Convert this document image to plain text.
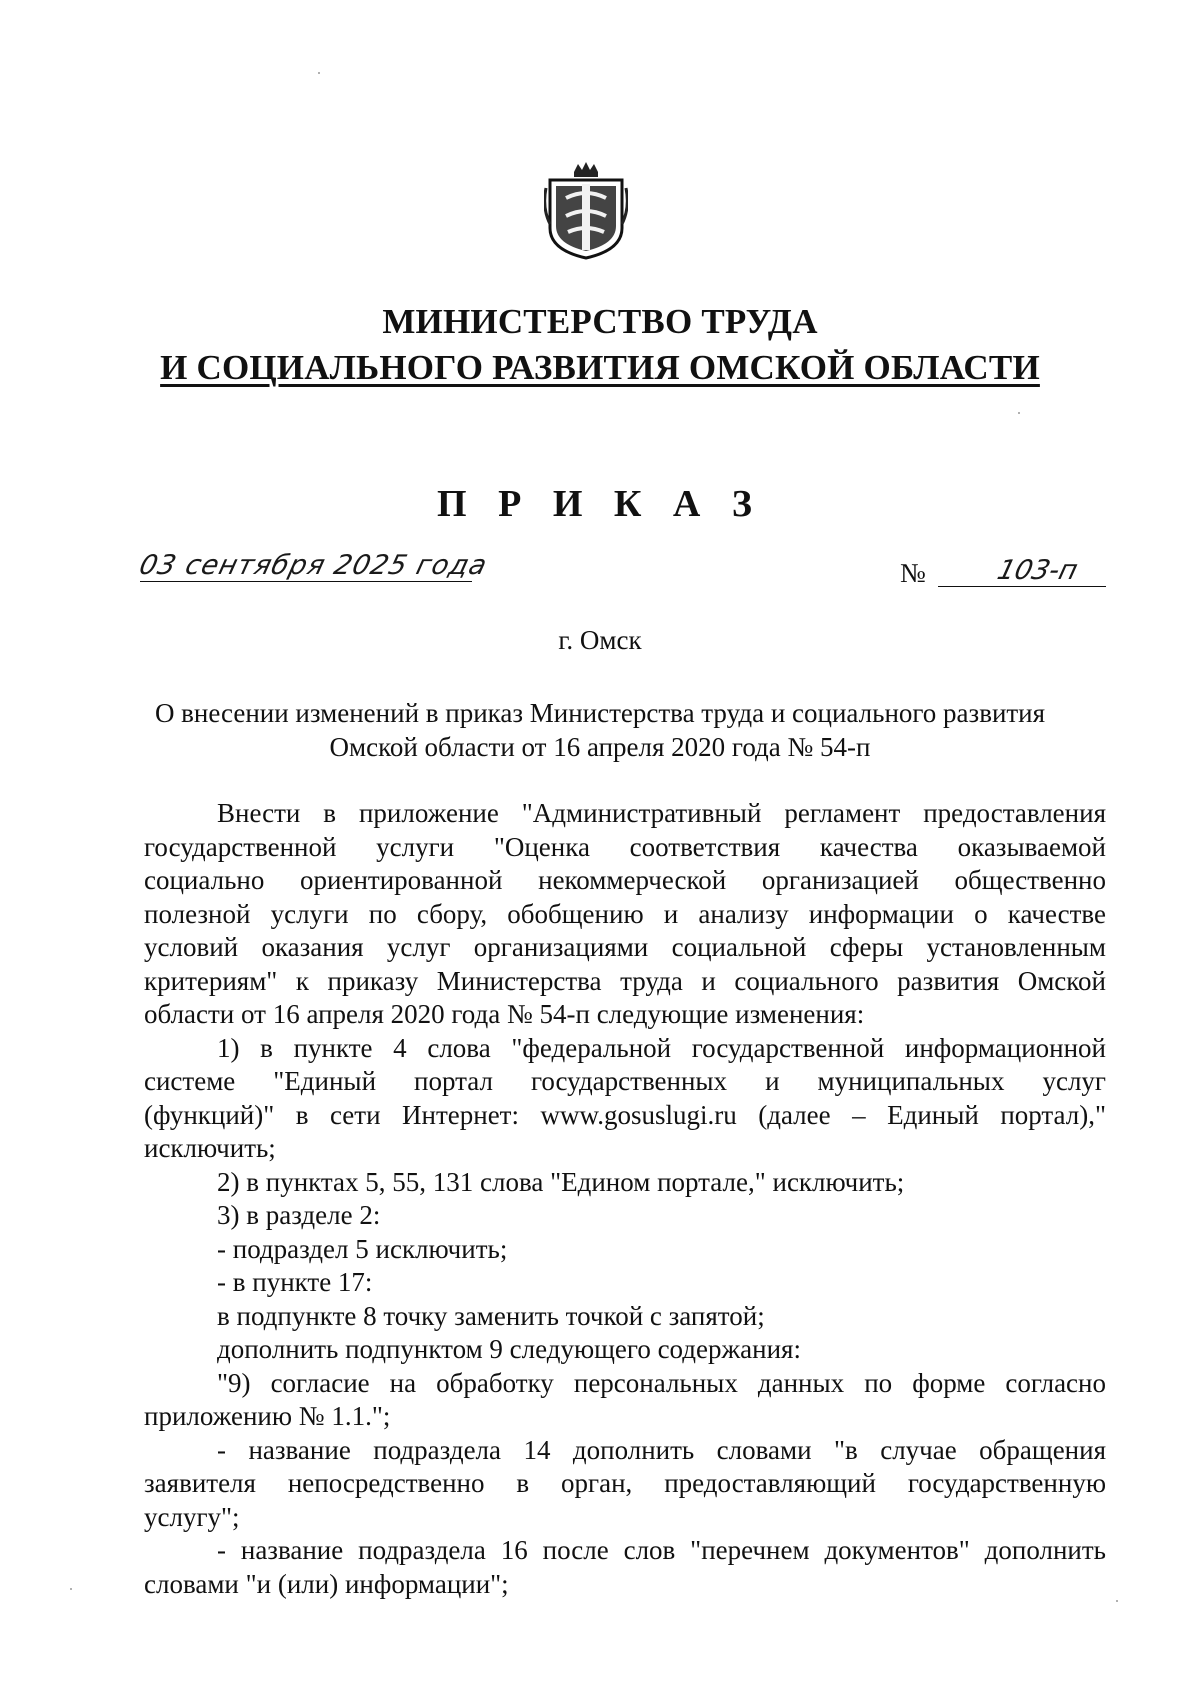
МИНИСТЕРСТВО ТРУДА
И СОЦИАЛЬНОГО РАЗВИТИЯ ОМСКОЙ ОБЛАСТИ
П Р И К А З
03 сентября 2025 года	№	103-п
г. Омск
О внесении изменений в приказ Министерства труда и социального развития
Омской области от 16 апреля 2020 года № 54-п
Внести в приложение "Административный регламент предоставления
государственной услуги "Оценка соответствия качества оказываемой
социально ориентированной некоммерческой организацией общественно
полезной услуги по сбору, обобщению и анализу информации о качестве
условий оказания услуг организациями социальной сферы установленным
критериям" к приказу Министерства труда и социального развития Омской
области от 16 апреля 2020 года № 54-п следующие изменения:
1) в пункте 4 слова "федеральной государственной информационной
системе "Единый портал государственных и муниципальных услуг
(функций)" в сети Интернет: www.gosuslugi.ru (далее – Единый портал),"
исключить;
2) в пунктах 5, 55, 131 слова "Едином портале," исключить;
3) в разделе 2:
- подраздел 5 исключить;
- в пункте 17:
в подпункте 8 точку заменить точкой с запятой;
дополнить подпунктом 9 следующего содержания:
"9) согласие на обработку персональных данных по форме согласно
приложению № 1.1.";
- название подраздела 14 дополнить словами "в случае обращения
заявителя непосредственно в орган, предоставляющий государственную
услугу";
- название подраздела 16 после слов "перечнем документов" дополнить
словами "и (или) информации";
